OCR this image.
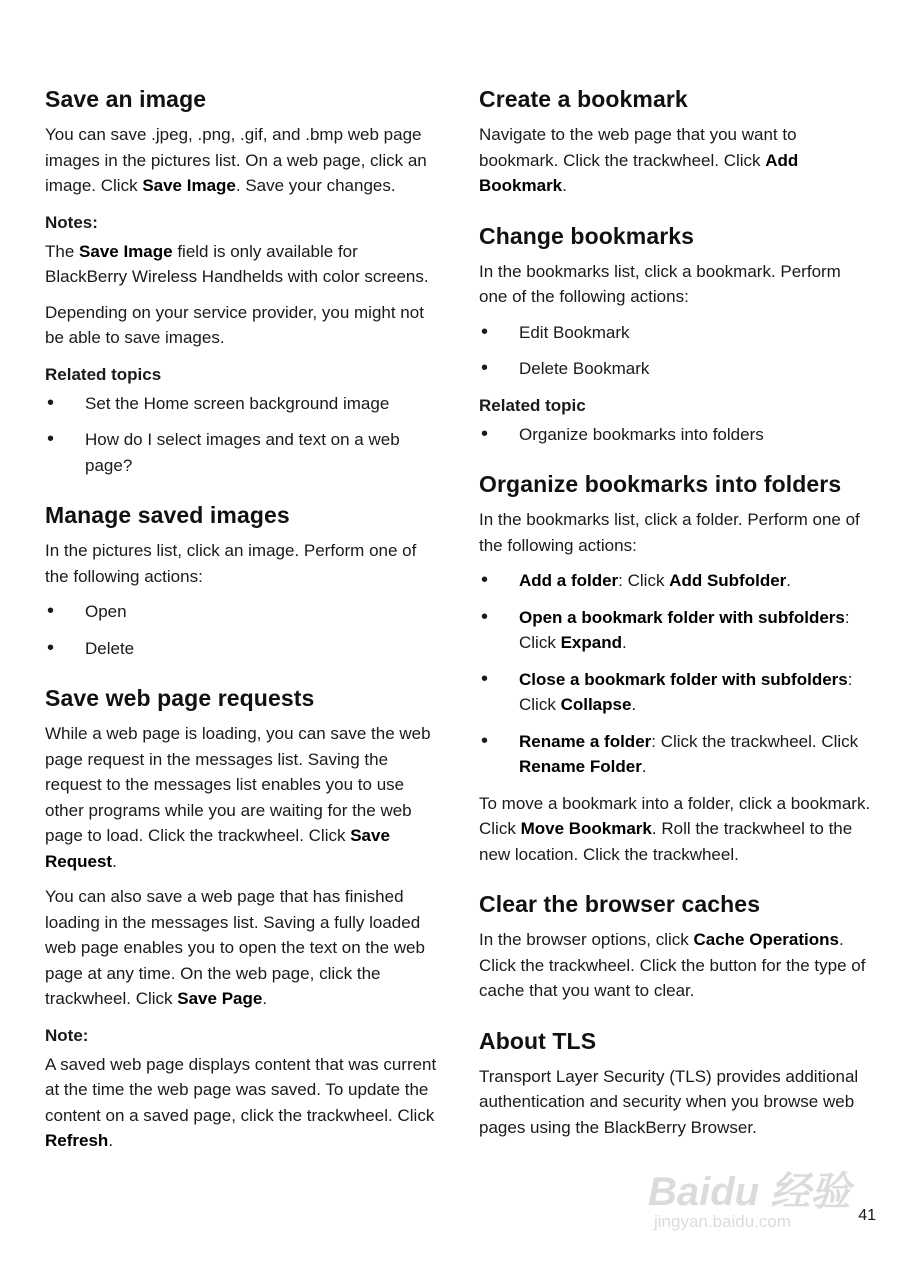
Save an image

You can save .jpeg, .png, .gif, and .bmp web page images in the pictures list. On a web page, click an image. Click Save Image. Save your changes.

Notes:

The Save Image field is only available for BlackBerry Wireless Handhelds with color screens.

Depending on your service provider, you might not be able to save images.

Related topics
• Set the Home screen background image
• How do I select images and text on a web page?
Manage saved images

In the pictures list, click an image. Perform one of the following actions:

• Open
• Delete
Save web page requests

While a web page is loading, you can save the web page request in the messages list. Saving the request to the messages list enables you to use other programs while you are waiting for the web page to load. Click the trackwheel. Click Save Request.

You can also save a web page that has finished loading in the messages list. Saving a fully loaded web page enables you to open the text on the web page at any time. On the web page, click the trackwheel. Click Save Page.

Note:

A saved web page displays content that was current at the time the web page was saved. To update the content on a saved page, click the trackwheel. Click Refresh.

Create a bookmark

Navigate to the web page that you want to bookmark. Click the trackwheel. Click Add Bookmark.

Change bookmarks

In the bookmarks list, click a bookmark. Perform one of the following actions:

• Edit Bookmark
• Delete Bookmark
Related topic
• Organize bookmarks into folders
Organize bookmarks into folders

In the bookmarks list, click a folder. Perform one of the following actions:

• Add a folder: Click Add Subfolder.
• Open a bookmark folder with subfolders: Click Expand.
• Close a bookmark folder with subfolders: Click Collapse.
• Rename a folder: Click the trackwheel. Click Rename Folder.

To move a bookmark into a folder, click a bookmark. Click Move Bookmark. Roll the trackwheel to the new location. Click the trackwheel.

Clear the browser caches

In the browser options, click Cache Operations. Click the trackwheel. Click the button for the type of cache that you want to clear.

About TLS

Transport Layer Security (TLS) provides additional authentication and security when you browse web pages using the BlackBerry Browser.

Baidu 经验
jingyan.baidu.com	41
